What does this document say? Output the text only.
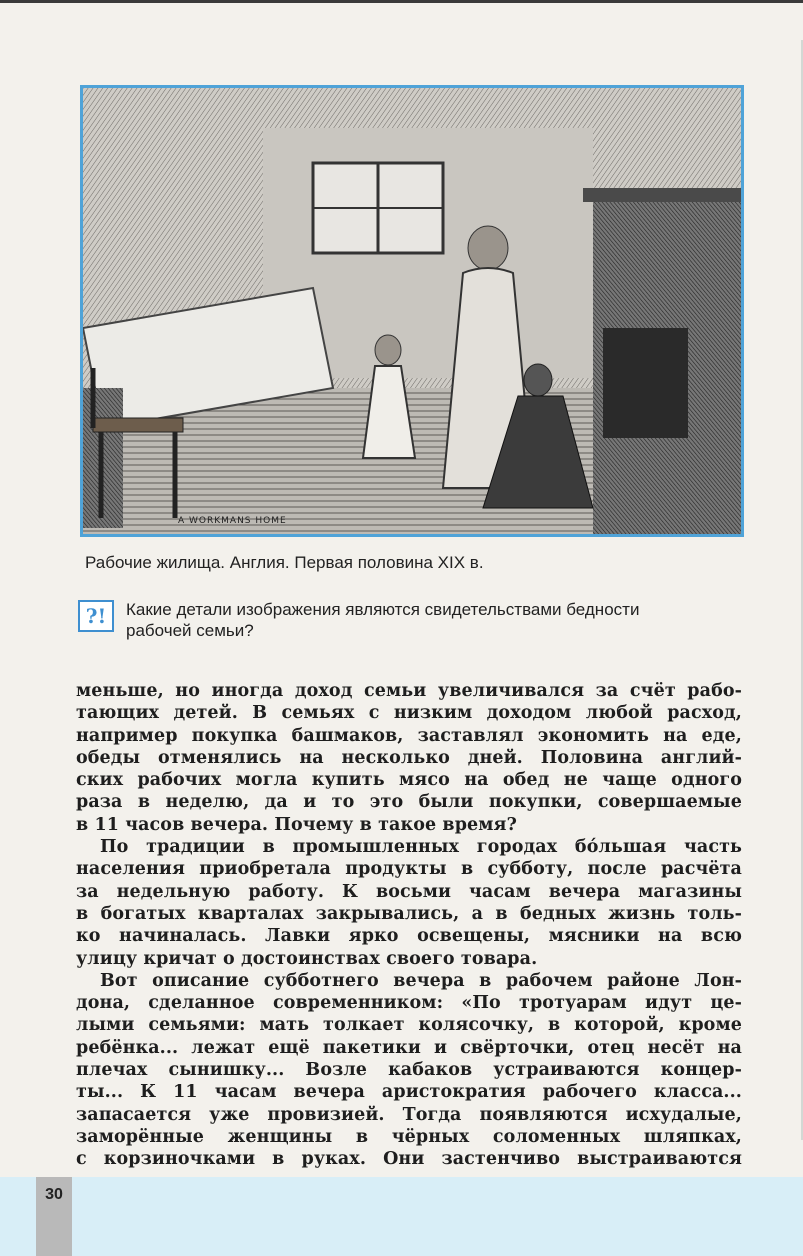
A WORKMANS HOME
Рабочие жилища. Англия. Первая половина XIX в.
?!	Какие детали изображения являются свидетельствами бедности
рабочей семьи?
меньше, но иногда доход семьи увеличивался за счёт рабо-
тающих детей. В семьях с низким доходом любой расход,
например покупка башмаков, заставлял экономить на еде,
обеды отменялись на несколько дней. Половина англий-
ских рабочих могла купить мясо на обед не чаще одного
раза в неделю, да и то это были покупки, совершаемые
в 11 часов вечера. Почему в такое время?
По традиции в промышленных городах бóльшая часть
населения приобретала продукты в субботу, после расчёта
за недельную работу. К восьми часам вечера магазины
в богатых кварталах закрывались, а в бедных жизнь толь-
ко начиналась. Лавки ярко освещены, мясники на всю
улицу кричат о достоинствах своего товара.
Вот описание субботнего вечера в рабочем районе Лон-
дона, сделанное современником: «По тротуарам идут це-
лыми семьями: мать толкает колясочку, в которой, кроме
ребёнка... лежат ещё пакетики и свёрточки, отец несёт на
плечах сынишку... Возле кабаков устраиваются концер-
ты... К 11 часам вечера аристократия рабочего класса...
запасается уже провизией. Тогда появляются исхудалые,
заморённые женщины в чёрных соломенных шляпках,
с корзиночками в руках. Они застенчиво выстраиваются
30
